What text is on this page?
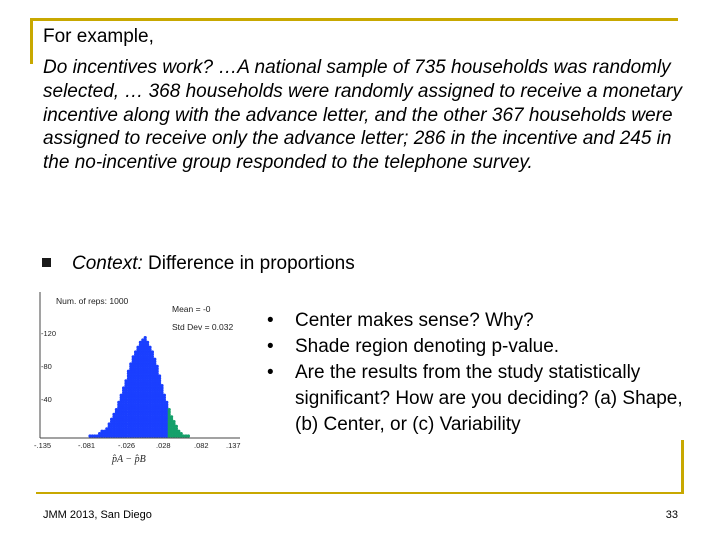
For example,

Do incentives work? …A national sample of 735 households was randomly selected, … 368 households were randomly assigned to receive a monetary incentive along with the advance letter, and the other 367 households were assigned to receive only the advance letter; 286 in the incentive and 245 in the no-incentive group responded to the telephone survey.

Context: Difference in proportions
Num. of reps: 1000
Mean = -0
Std Dev = 0.032
-120
-80
-40
-.135	-.081	-.026	.028	.082 .137
p̂A − p̂B
• Center makes sense? Why?
• Shade region denoting p-value.
• Are the results from the study statistically significant? How are you deciding? (a) Shape, (b) Center, or (c) Variability
JMM 2013, San Diego	33
